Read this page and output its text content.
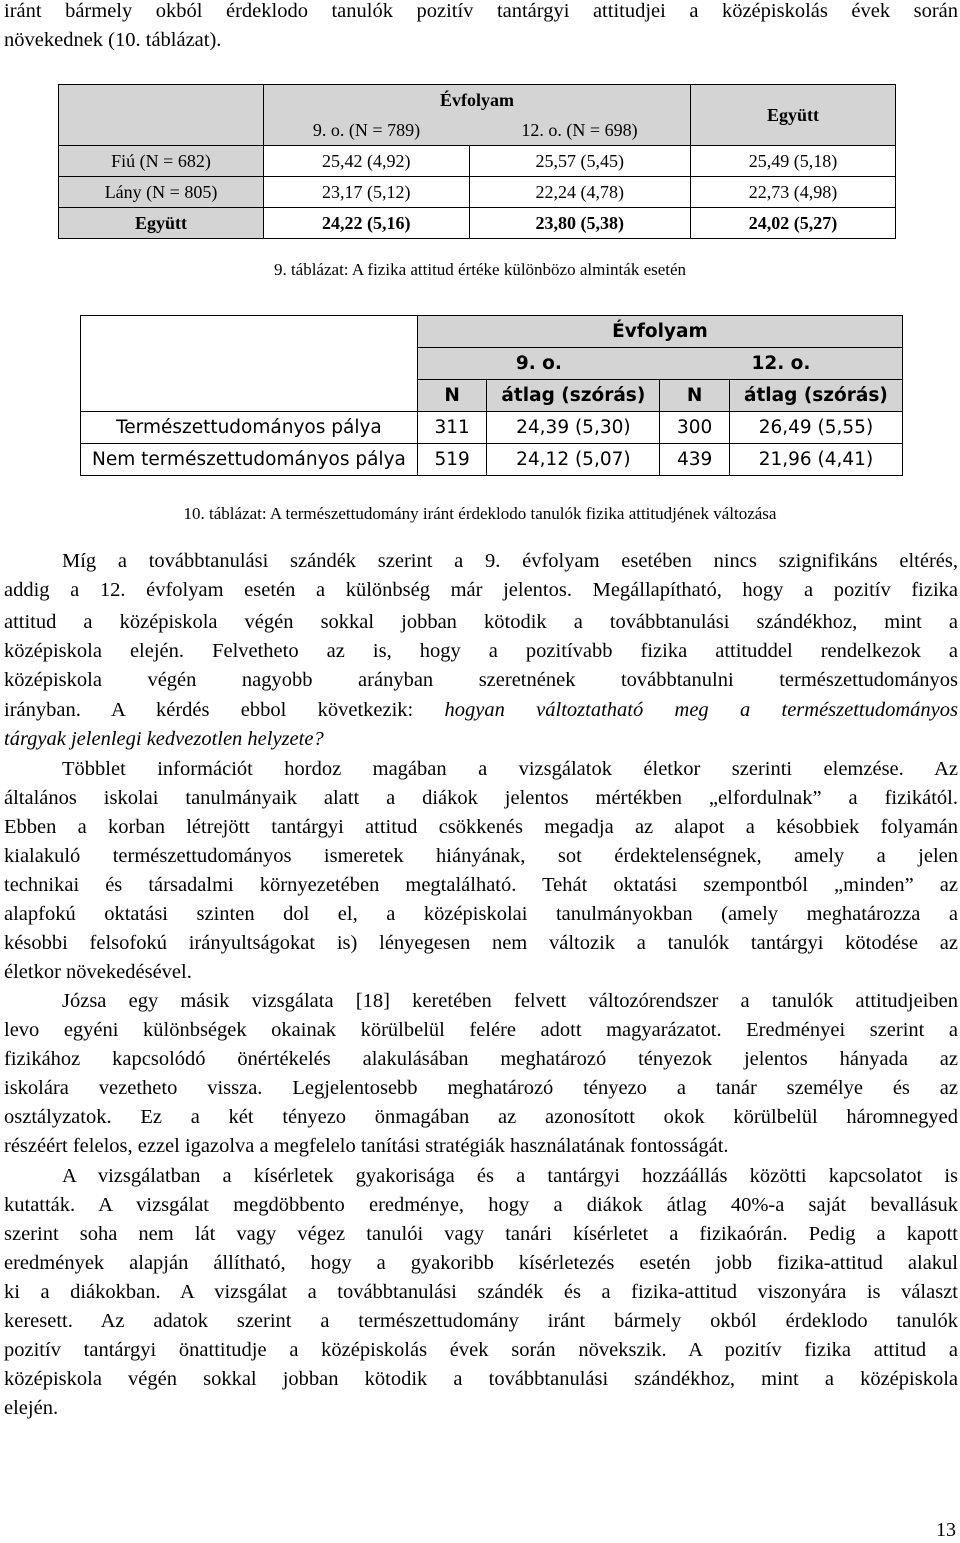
iránt bármely okból érdeklodo tanulók pozitív tantárgyi attitudjei a középiskolás évek során
növekednek (10. táblázat).
	Évfolyam		Együtt
	9. o. (N = 789)	12. o. (N = 698)	
Fiú (N = 682)	25,42 (4,92)	25,57 (5,45)	25,49 (5,18)
Lány (N = 805)	23,17 (5,12)	22,24 (4,78)	22,73 (4,98)
Együtt	24,22 (5,16)	23,80 (5,38)	24,02 (5,27)
9. táblázat: A fizika attitud értéke különbözo alminták esetén
	Évfolyam			
	9. o.		12. o.	
	N	átlag (szórás)	N	átlag (szórás)
Természettudományos pálya	311	24,39 (5,30)	300	26,49 (5,55)
Nem természettudományos pálya	519	24,12 (5,07)	439	21,96 (4,41)
10. táblázat: A természettudomány iránt érdeklodo tanulók fizika attitudjének változása
Míg a továbbtanulási szándék szerint a 9. évfolyam esetében nincs szignifikáns eltérés,
addig a 12. évfolyam esetén a különbség már jelentos. Megállapítható, hogy a pozitív fizika
attitud a középiskola végén sokkal jobban kötodik a továbbtanulási szándékhoz, mint a
középiskola elején. Felvetheto az is, hogy a pozitívabb fizika attituddel rendelkezok a
középiskola végén nagyobb arányban szeretnének továbbtanulni természettudományos
irányban. A kérdés ebbol következik: hogyan változtatható meg a természettudományos
tárgyak jelenlegi kedvezotlen helyzete?
Többlet információt hordoz magában a vizsgálatok életkor szerinti elemzése. Az
általános iskolai tanulmányaik alatt a diákok jelentos mértékben „elfordulnak” a fizikától.
Ebben a korban létrejött tantárgyi attitud csökkenés megadja az alapot a késobbiek folyamán
kialakuló természettudományos ismeretek hiányának, sot érdektelenségnek, amely a jelen
technikai és társadalmi környezetében megtalálható. Tehát oktatási szempontból „minden” az
alapfokú oktatási szinten dol el, a középiskolai tanulmányokban (amely meghatározza a
késobbi felsofokú irányultságokat is) lényegesen nem változik a tanulók tantárgyi kötodése az
életkor növekedésével.
Józsa egy másik vizsgálata [18] keretében felvett változórendszer a tanulók attitudjeiben
levo egyéni különbségek okainak körülbelül felére adott magyarázatot. Eredményei szerint a
fizikához kapcsolódó önértékelés alakulásában meghatározó tényezok jelentos hányada az
iskolára vezetheto vissza. Legjelentosebb meghatározó tényezo a tanár személye és az
osztályzatok. Ez a két tényezo önmagában az azonosított okok körülbelül háromnegyed
részéért felelos, ezzel igazolva a megfelelo tanítási stratégiák használatának fontosságát.
A vizsgálatban a kísérletek gyakorisága és a tantárgyi hozzáállás közötti kapcsolatot is
kutatták. A vizsgálat megdöbbento eredménye, hogy a diákok átlag 40%-a saját bevallásuk
szerint soha nem lát vagy végez tanulói vagy tanári kísérletet a fizikaórán. Pedig a kapott
eredmények alapján állítható, hogy a gyakoribb kísérletezés esetén jobb fizika-attitud alakul
ki a diákokban. A vizsgálat a továbbtanulási szándék és a fizika-attitud viszonyára is választ
keresett. Az adatok szerint a természettudomány iránt bármely okból érdeklodo tanulók
pozitív tantárgyi önattitudje a középiskolás évek során növekszik. A pozitív fizika attitud a
középiskola végén sokkal jobban kötodik a továbbtanulási szándékhoz, mint a középiskola
elején.
13
